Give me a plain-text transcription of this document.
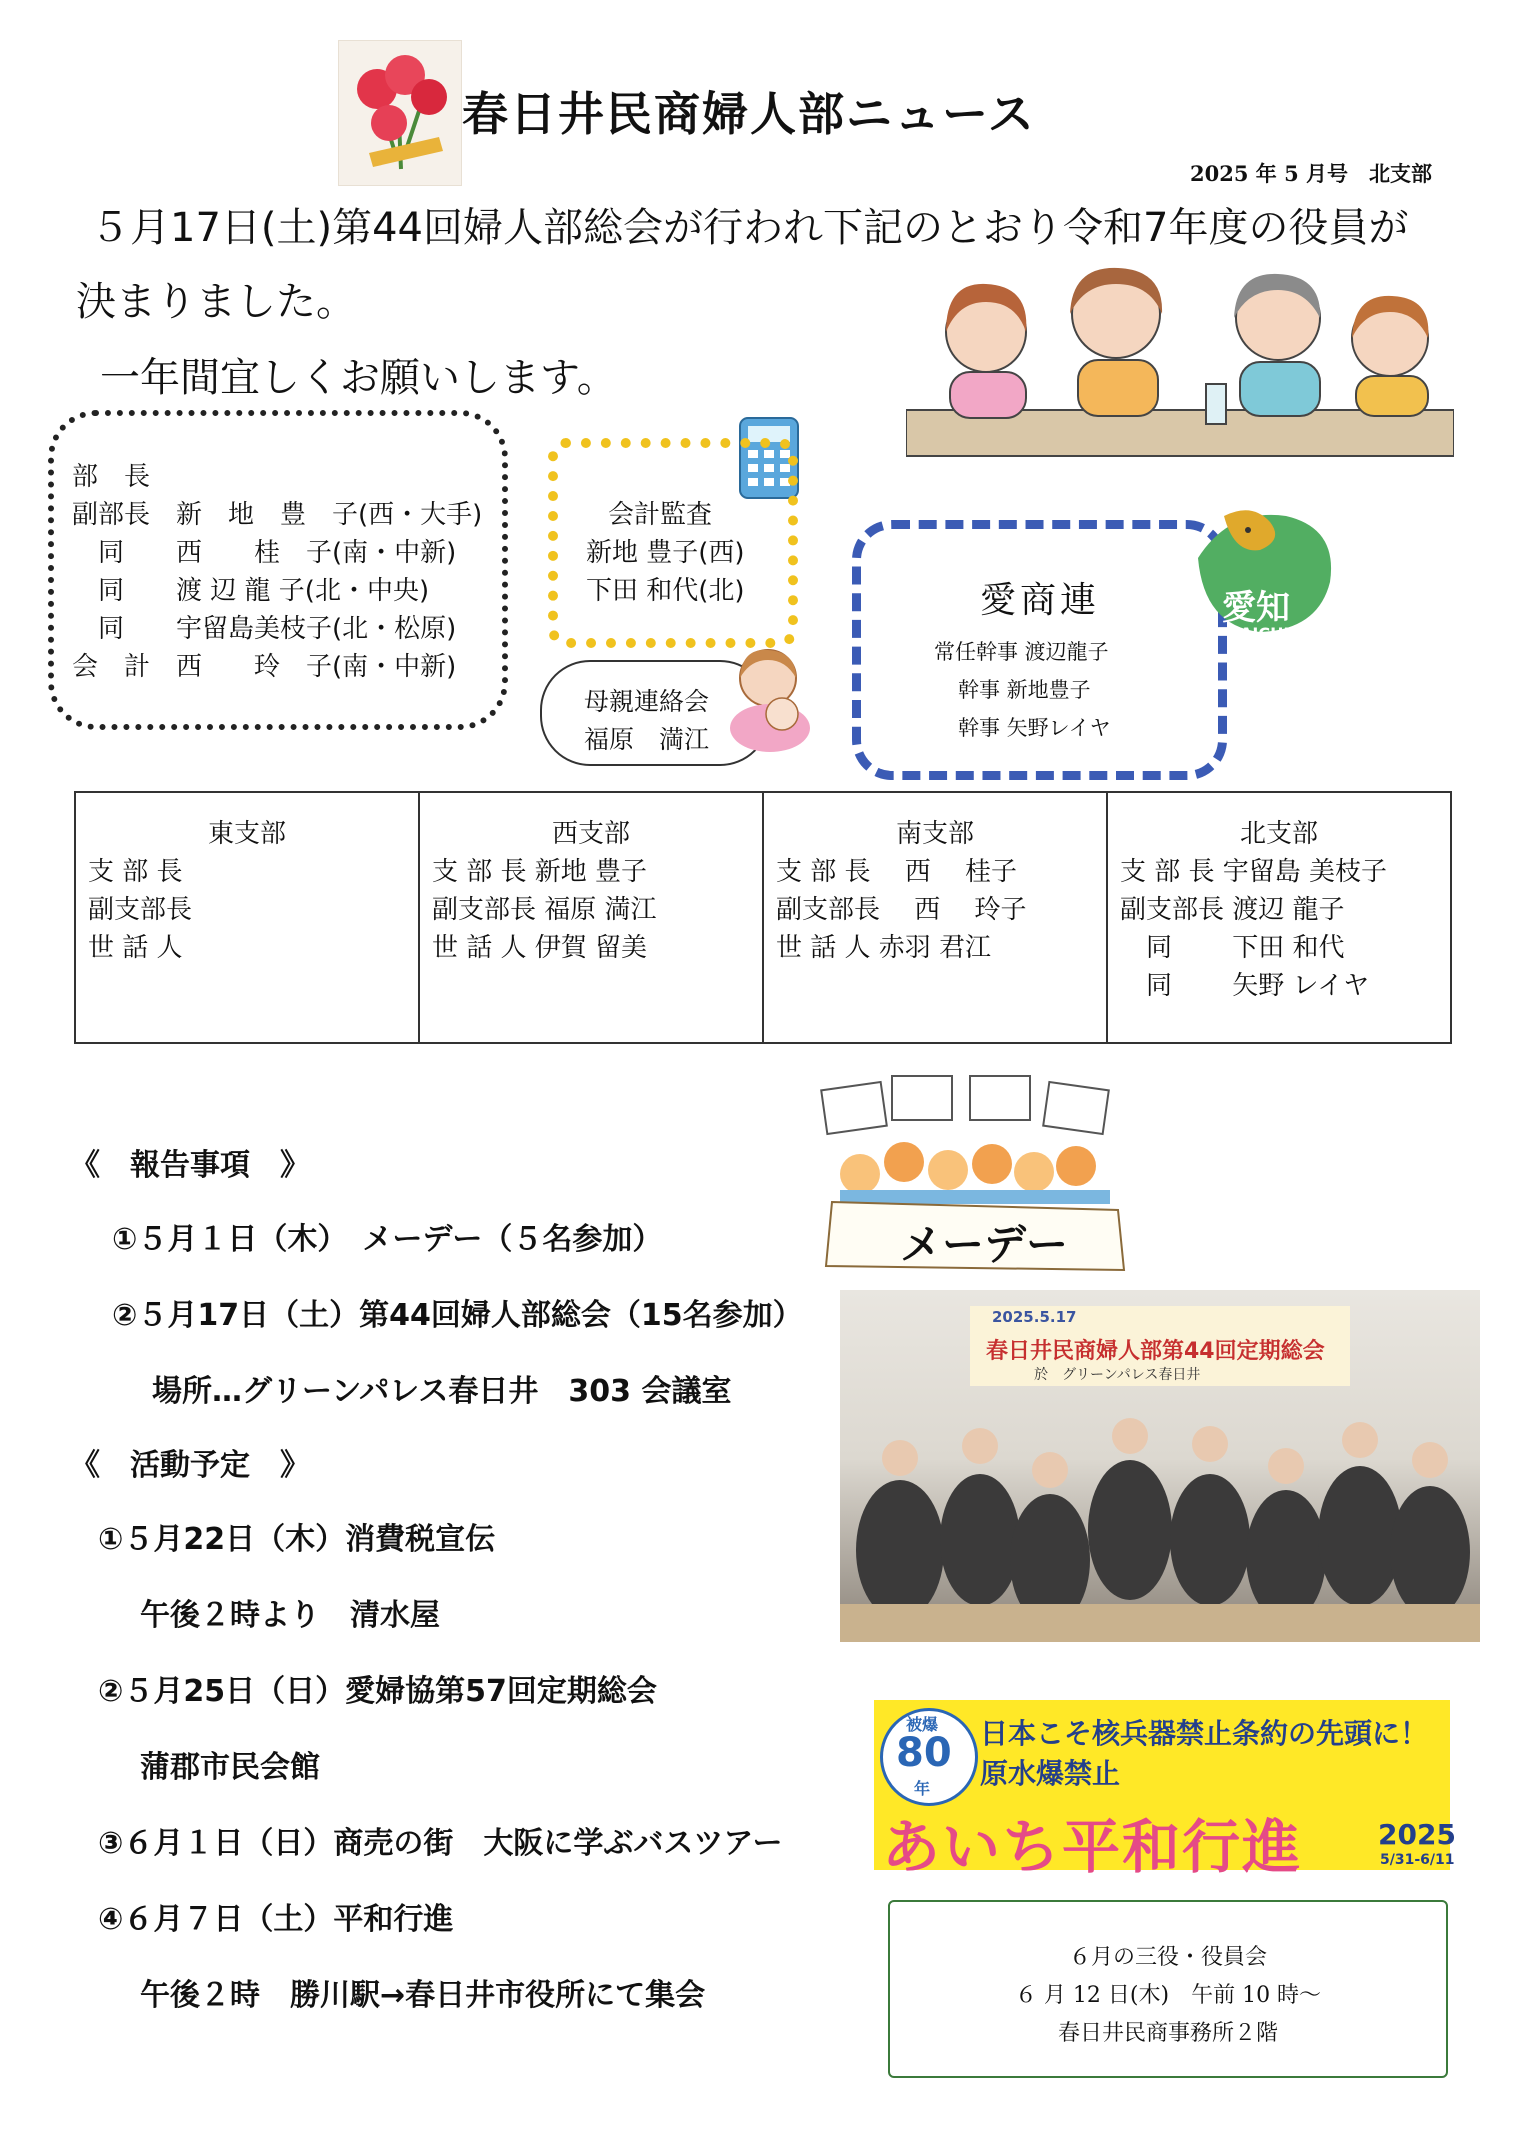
春日井民商婦人部ニュース
2025 年 5 月号　北支部
５月17日(土)第44回婦人部総会が行われ下記のとおり令和7年度の役員が
決まりました。
一年間宜しくお願いします。
部　長
副部長　新　地　豊　子(西・大手)
　同　　西　　桂　子(南・中新)
　同　　渡 辺 龍 子(北・中央)
　同　　宇留島美枝子(北・松原)
会　計　西　　玲　子(南・中新)
会計監査
新地 豊子(西)
下田 和代(北)
母親連絡会
福原　満江
愛商連
常任幹事 渡辺龍子
幹事 新地豊子
幹事 矢野レイヤ
愛知
AICHI
東支部
支 部 長
副支部長
世 話 人

西支部
支 部 長 新地 豊子
副支部長 福原 満江
世 話 人 伊賀 留美

南支部
支 部 長　 西　 桂子
副支部長　 西　 玲子
世 話 人 赤羽 君江

北支部
支 部 長 宇留島 美枝子
副支部長 渡辺 龍子
　同　　 下田 和代
　同　　 矢野 レイヤ
《　報告事項　》
①５月１日（木）　メーデー（５名参加）
②５月17日（土）第44回婦人部総会（15名参加）
場所…グリーンパレス春日井　303 会議室
《　活動予定　》
①５月22日（木）消費税宣伝
午後２時より　清水屋
②５月25日（日）愛婦協第57回定期総会
蒲郡市民会館
③６月１日（日）商売の街　大阪に学ぶバスツアー
④６月７日（土）平和行進
午後２時　勝川駅→春日井市役所にて集会
メーデー
2025.5.17
春日井民商婦人部第44回定期総会
於　グリーンパレス春日井
被爆
80
年
日本こそ核兵器禁止条約の先頭に！
原水爆禁止
あいち平和行進	2025
5/31-6/11
６月の三役・役員会
６ 月 12 日(木)　午前 10 時～
春日井民商事務所２階
